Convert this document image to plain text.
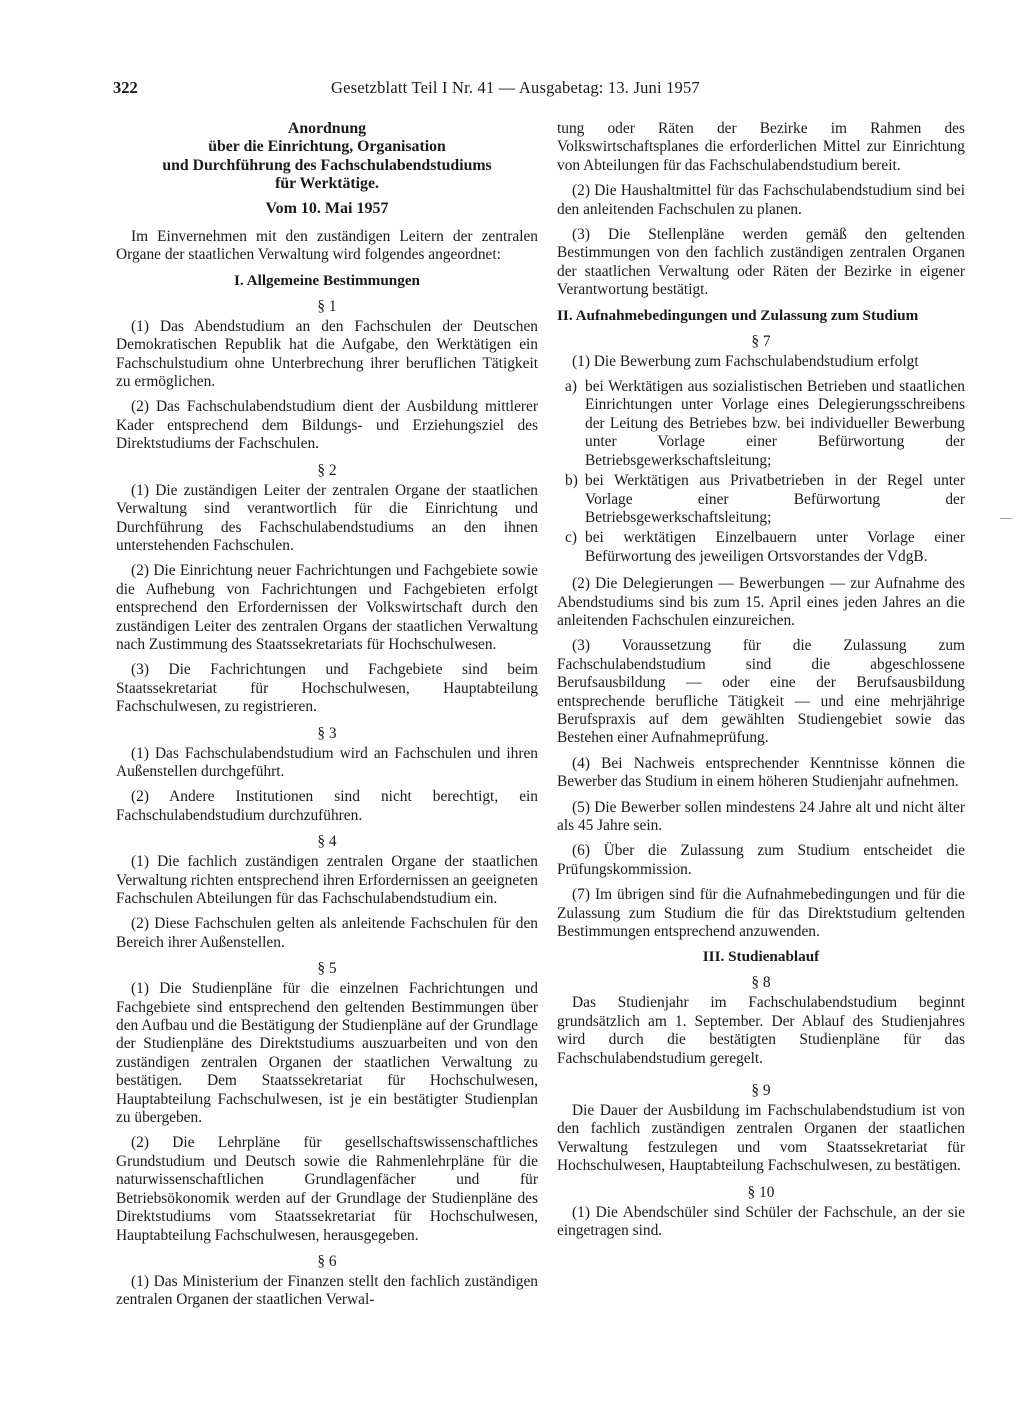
322	Gesetzblatt Teil I Nr. 41 — Ausgabetag: 13. Juni 1957
Anordnung
über die Einrichtung, Organisation
und Durchführung des Fachschulabendstudiums
für Werktätige.
Vom 10. Mai 1957

Im Einvernehmen mit den zuständigen Leitern der zentralen Organe der staatlichen Verwaltung wird folgendes angeordnet:

I. Allgemeine Bestimmungen
§ 1

(1) Das Abendstudium an den Fachschulen der Deutschen Demokratischen Republik hat die Aufgabe, den Werktätigen ein Fachschulstudium ohne Unterbrechung ihrer beruflichen Tätigkeit zu ermöglichen.

(2) Das Fachschulabendstudium dient der Ausbildung mittlerer Kader entsprechend dem Bildungs- und Erziehungsziel des Direktstudiums der Fachschulen.

§ 2

(1) Die zuständigen Leiter der zentralen Organe der staatlichen Verwaltung sind verantwortlich für die Einrichtung und Durchführung des Fachschulabendstudiums an den ihnen unterstehenden Fachschulen.

(2) Die Einrichtung neuer Fachrichtungen und Fachgebiete sowie die Aufhebung von Fachrichtungen und Fachgebieten erfolgt entsprechend den Erfordernissen der Volkswirtschaft durch den zuständigen Leiter des zentralen Organs der staatlichen Verwaltung nach Zustimmung des Staatssekretariats für Hochschulwesen.

(3) Die Fachrichtungen und Fachgebiete sind beim Staatssekretariat für Hochschulwesen, Hauptabteilung Fachschulwesen, zu registrieren.

§ 3

(1) Das Fachschulabendstudium wird an Fachschulen und ihren Außenstellen durchgeführt.

(2) Andere Institutionen sind nicht berechtigt, ein Fachschulabendstudium durchzuführen.

§ 4

(1) Die fachlich zuständigen zentralen Organe der staatlichen Verwaltung richten entsprechend ihren Erfordernissen an geeigneten Fachschulen Abteilungen für das Fachschulabendstudium ein.

(2) Diese Fachschulen gelten als anleitende Fachschulen für den Bereich ihrer Außenstellen.

§ 5

(1) Die Studienpläne für die einzelnen Fachrichtungen und Fachgebiete sind entsprechend den geltenden Bestimmungen über den Aufbau und die Bestätigung der Studienpläne auf der Grundlage der Studienpläne des Direktstudiums auszuarbeiten und von den zuständigen zentralen Organen der staatlichen Verwaltung zu bestätigen. Dem Staatssekretariat für Hochschulwesen, Hauptabteilung Fachschulwesen, ist je ein bestätigter Studienplan zu übergeben.

(2) Die Lehrpläne für gesellschaftswissenschaftliches Grundstudium und Deutsch sowie die Rahmenlehrpläne für die naturwissenschaftlichen Grundlagenfächer und für Betriebsökonomik werden auf der Grundlage der Studienpläne des Direktstudiums vom Staatssekretariat für Hochschulwesen, Hauptabteilung Fachschulwesen, herausgegeben.

§ 6

(1) Das Ministerium der Finanzen stellt den fachlich zuständigen zentralen Organen der staatlichen Verwal-

tung oder Räten der Bezirke im Rahmen des Volkswirtschaftsplanes die erforderlichen Mittel zur Einrichtung von Abteilungen für das Fachschulabendstudium bereit.

(2) Die Haushaltmittel für das Fachschulabendstudium sind bei den anleitenden Fachschulen zu planen.

(3) Die Stellenpläne werden gemäß den geltenden Bestimmungen von den fachlich zuständigen zentralen Organen der staatlichen Verwaltung oder Räten der Bezirke in eigener Verantwortung bestätigt.

II. Aufnahmebedingungen und Zulassung zum Studium
§ 7

(1) Die Bewerbung zum Fachschulabendstudium erfolgt

a) bei Werktätigen aus sozialistischen Betrieben und staatlichen Einrichtungen unter Vorlage eines Delegierungsschreibens der Leitung des Betriebes bzw. bei individueller Bewerbung unter Vorlage einer Befürwortung der Betriebsgewerkschaftsleitung;
b) bei Werktätigen aus Privatbetrieben in der Regel unter Vorlage einer Befürwortung der Betriebsgewerkschaftsleitung;
c) bei werktätigen Einzelbauern unter Vorlage einer Befürwortung des jeweiligen Ortsvorstandes der VdgB.

(2) Die Delegierungen — Bewerbungen — zur Aufnahme des Abendstudiums sind bis zum 15. April eines jeden Jahres an die anleitenden Fachschulen einzureichen.

(3) Voraussetzung für die Zulassung zum Fachschulabendstudium sind die abgeschlossene Berufsausbildung — oder eine der Berufsausbildung entsprechende berufliche Tätigkeit — und eine mehrjährige Berufspraxis auf dem gewählten Studiengebiet sowie das Bestehen einer Aufnahmeprüfung.

(4) Bei Nachweis entsprechender Kenntnisse können die Bewerber das Studium in einem höheren Studienjahr aufnehmen.

(5) Die Bewerber sollen mindestens 24 Jahre alt und nicht älter als 45 Jahre sein.

(6) Über die Zulassung zum Studium entscheidet die Prüfungskommission.

(7) Im übrigen sind für die Aufnahmebedingungen und für die Zulassung zum Studium die für das Direktstudium geltenden Bestimmungen entsprechend anzuwenden.

III. Studienablauf
§ 8

Das Studienjahr im Fachschulabendstudium beginnt grundsätzlich am 1. September. Der Ablauf des Studienjahres wird durch die bestätigten Studienpläne für das Fachschulabendstudium geregelt.

§ 9

Die Dauer der Ausbildung im Fachschulabendstudium ist von den fachlich zuständigen zentralen Organen der staatlichen Verwaltung festzulegen und vom Staatssekretariat für Hochschulwesen, Hauptabteilung Fachschulwesen, zu bestätigen.

§ 10

(1) Die Abendschüler sind Schüler der Fachschule, an der sie eingetragen sind.

—
